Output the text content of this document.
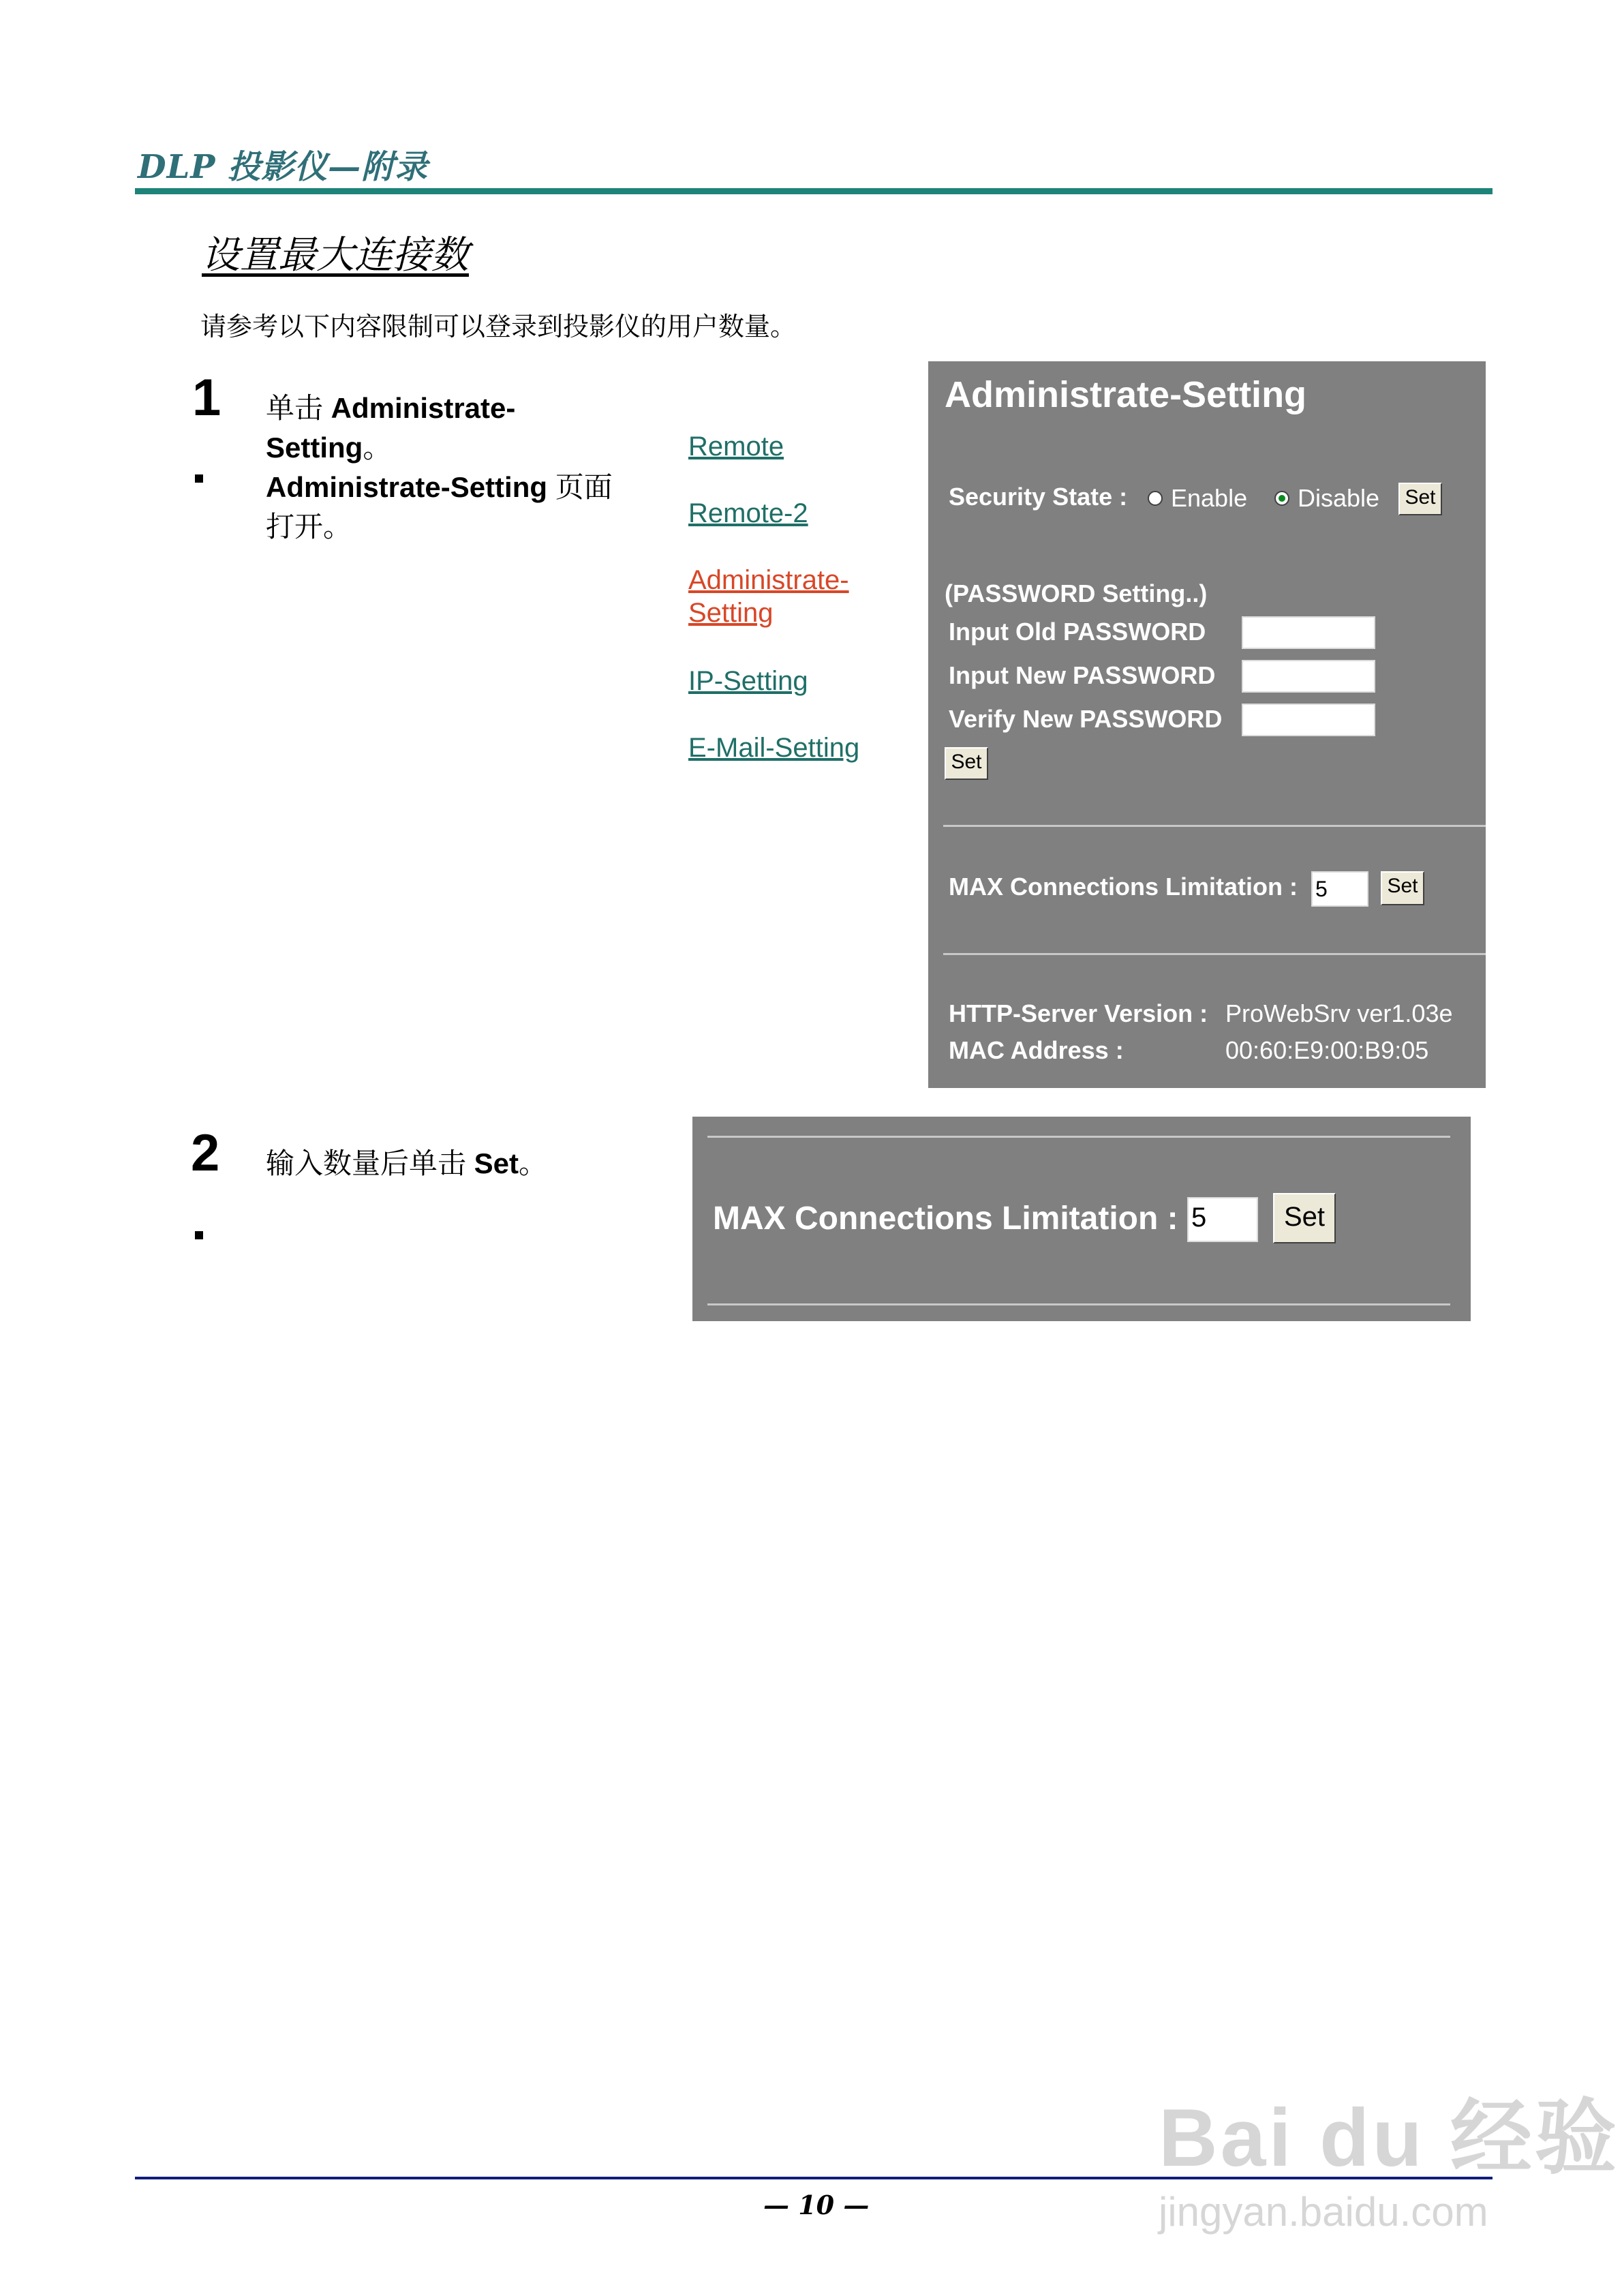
DLP 投影仪—附录
设置最大连接数
请参考以下内容限制可以登录到投影仪的用户数量。
1 单击 Administrate-
Setting。
Administrate-Setting 页面
打开。
Remote
Remote-2
Administrate-
Setting
IP-Setting
E-Mail-Setting
Administrate-Setting
Security State : Enable Disable	Set
(PASSWORD Setting..)
Input Old PASSWORD
Input New PASSWORD
Verify New PASSWORD
Set
MAX Connections Limitation : 5	Set
HTTP-Server Version : ProWebSrv ver1.03e
MAC Address :	00:60:E9:00:B9:05
2 输入数量后单击 Set。
MAX Connections Limitation : 5	Set
— 10 —
Bai du 经验
jingyan.baidu.com
